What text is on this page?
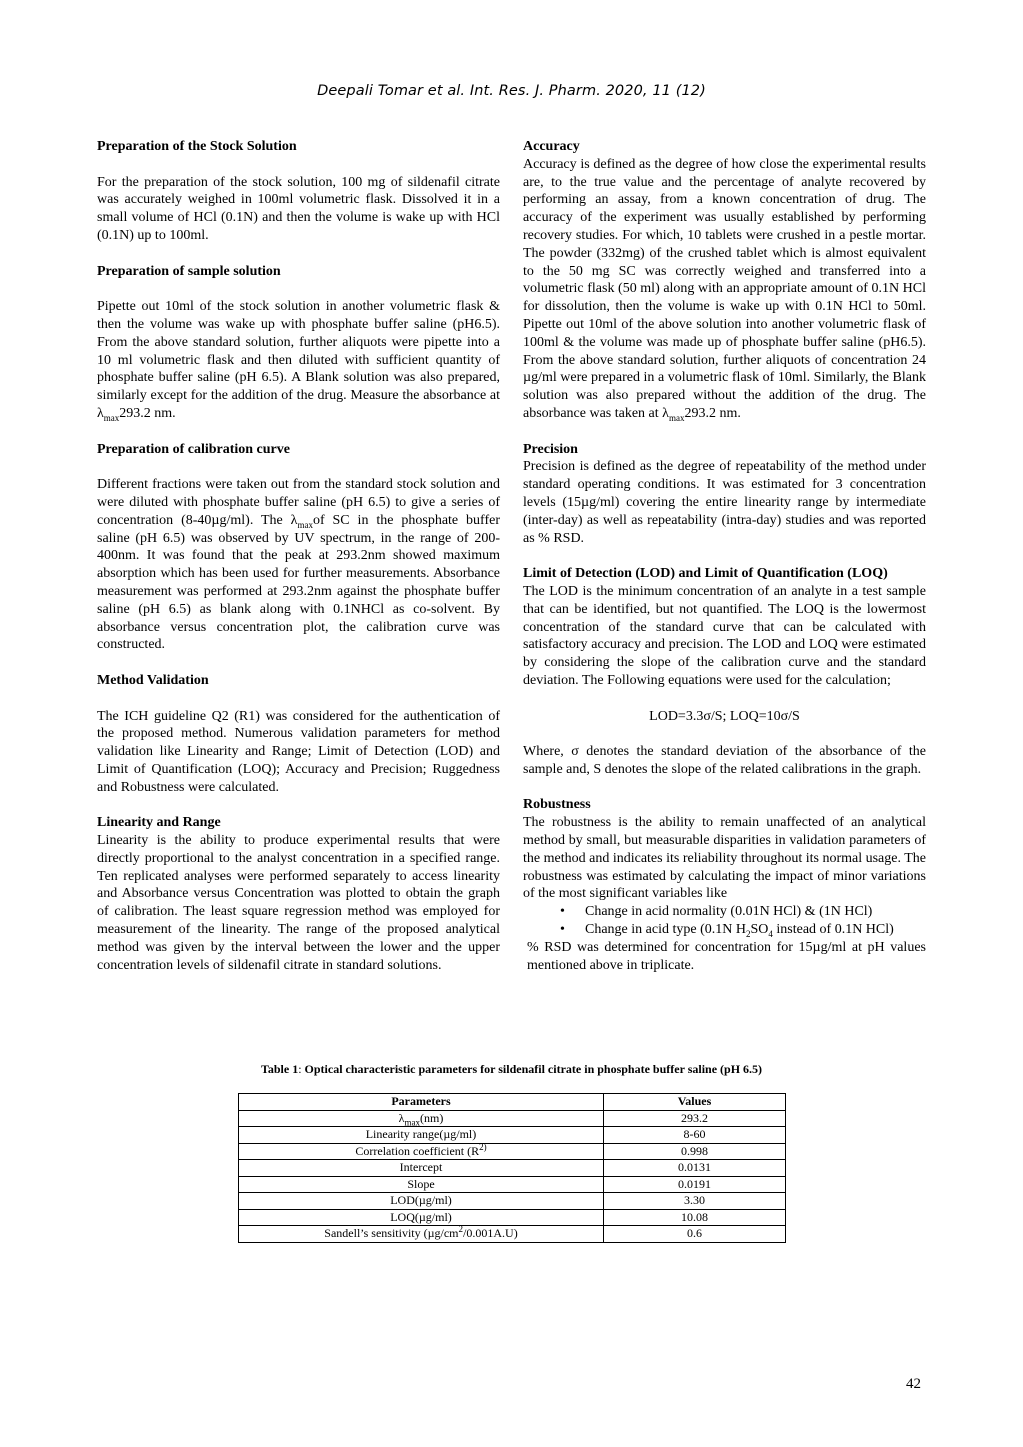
Deepali Tomar et al. Int. Res. J. Pharm. 2020, 11 (12)

Preparation of the Stock Solution

For the preparation of the stock solution, 100 mg of sildenafil citrate was accurately weighed in 100ml volumetric flask. Dissolved it in a small volume of HCl (0.1N) and then the volume is wake up with HCl (0.1N) up to 100ml.

Preparation of sample solution

Pipette out 10ml of the stock solution in another volumetric flask & then the volume was wake up with phosphate buffer saline (pH6.5). From the above standard solution, further aliquots were pipette into a 10 ml volumetric flask and then diluted with sufficient quantity of phosphate buffer saline (pH 6.5). A Blank solution was also prepared, similarly except for the addition of the drug. Measure the absorbance at $\lambda_{max}293.2$ nm.

Preparation of calibration curve

Different fractions were taken out from the standard stock solution and were diluted with phosphate buffer saline (pH 6.5) to give a series of concentration (8-40µg/ml). The $\lambda_{max}of$ SC in the phosphate buffer saline (pH 6.5) was observed by UV spectrum, in the range of 200-400nm. It was found that the peak at 293.2nm showed maximum absorption which has been used for further measurements. Absorbance measurement was performed at 293.2nm against the phosphate buffer saline (pH 6.5) as blank along with 0.1NHCl as co-solvent. By absorbance versus concentration plot, the calibration curve was constructed.

Method Validation

The ICH guideline Q2 (R1) was considered for the authentication of the proposed method. Numerous validation parameters for method validation like Linearity and Range; Limit of Detection (LOD) and Limit of Quantification (LOQ); Accuracy and Precision; Ruggedness and Robustness were calculated.

Linearity and Range

Linearity is the ability to produce experimental results that were directly proportional to the analyst concentration in a specified range. Ten replicated analyses were performed separately to access linearity and Absorbance versus Concentration was plotted to obtain the graph of calibration. The least square regression method was employed for measurement of the linearity. The range of the proposed analytical method was given by the interval between the lower and the upper concentration levels of sildenafil citrate in standard solutions.

Accuracy

Accuracy is defined as the degree of how close the experimental results are, to the true value and the percentage of analyte recovered by performing an assay, from a known concentration of drug. The accuracy of the experiment was usually established by performing recovery studies. For which, 10 tablets were crushed in a pestle mortar. The powder (332mg) of the crushed tablet which is almost equivalent to the 50 mg SC was correctly weighed and transferred into a volumetric flask (50 ml) along with an appropriate amount of 0.1N HCl for dissolution, then the volume is wake up with 0.1N HCl to 50ml. Pipette out 10ml of the above solution into another volumetric flask of 100ml & the volume was made up of phosphate buffer saline (pH6.5). From the above standard solution, further aliquots of concentration 24 µg/ml were prepared in a volumetric flask of 10ml. Similarly, the Blank solution was also prepared without the addition of the drug. The absorbance was taken at $\lambda_{max}293.2$ nm.

Precision

Precision is defined as the degree of repeatability of the method under standard operating conditions. It was estimated for 3 concentration levels (15µg/ml) covering the entire linearity range by intermediate (inter-day) as well as repeatability (intra-day) studies and was reported as % RSD.

Limit of Detection (LOD) and Limit of Quantification (LOQ)

The LOD is the minimum concentration of an analyte in a test sample that can be identified, but not quantified. The LOQ is the lowermost concentration of the standard curve that can be calculated with satisfactory accuracy and precision. The LOD and LOQ were estimated by considering the slope of the calibration curve and the standard deviation. The Following equations were used for the calculation;

LOD=3.3σ/S; LOQ=10σ/S

Where, σ denotes the standard deviation of the absorbance of the sample and, S denotes the slope of the related calibrations in the graph.

Robustness

The robustness is the ability to remain unaffected of an analytical method by small, but measurable disparities in validation parameters of the method and indicates its reliability throughout its normal usage. The robustness was estimated by calculating the impact of minor variations of the most significant variables like

• Change in acid normality (0.01N HCl) & (1N HCl)
• Change in acid type (0.1N $H_2SO_4$ instead of 0.1N HCl)

% RSD was determined for concentration for 15µg/ml at pH values mentioned above in triplicate.

Table 1: Optical characteristic parameters for sildenafil citrate in phosphate buffer saline (pH 6.5)
Parameters	Values
$\lambda_{max}(nm)$	293.2
Linearity range(µg/ml)	8-60
Correlation coefficient ($R^{2)}$	0.998
Intercept	0.0131
Slope	0.0191
LOD(µg/ml)	3.30
LOQ(µg/ml)	10.08
Sandell’s sensitivity $(\mu g/cm^2/0.001A.U)$	0.6
42
